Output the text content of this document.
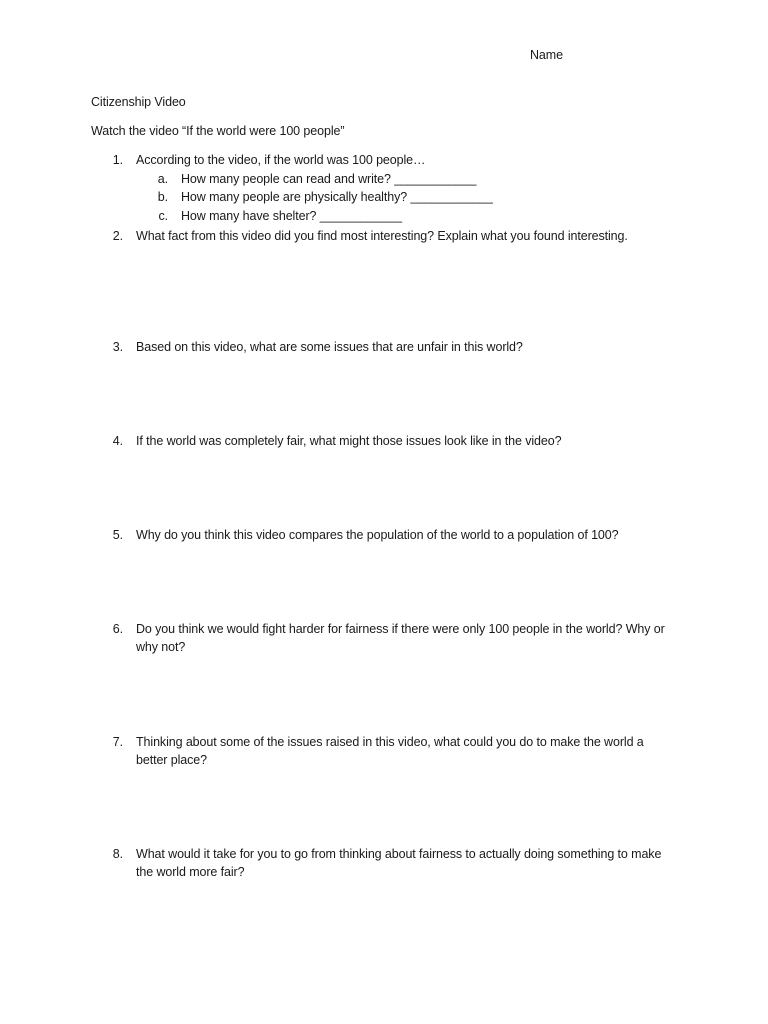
Name
Citizenship Video
Watch the video “If the world were 100 people”
1. According to the video, if the world was 100 people…
a. How many people can read and write? ____________
b. How many people are physically healthy? ____________
c. How many have shelter? ____________
2. What fact from this video did you find most interesting? Explain what you found interesting.
3. Based on this video, what are some issues that are unfair in this world?
4. If the world was completely fair, what might those issues look like in the video?
5. Why do you think this video compares the population of the world to a population of 100?
6. Do you think we would fight harder for fairness if there were only 100 people in the world? Why or why not?
7. Thinking about some of the issues raised in this video, what could you do to make the world a better place?
8. What would it take for you to go from thinking about fairness to actually doing something to make the world more fair?
